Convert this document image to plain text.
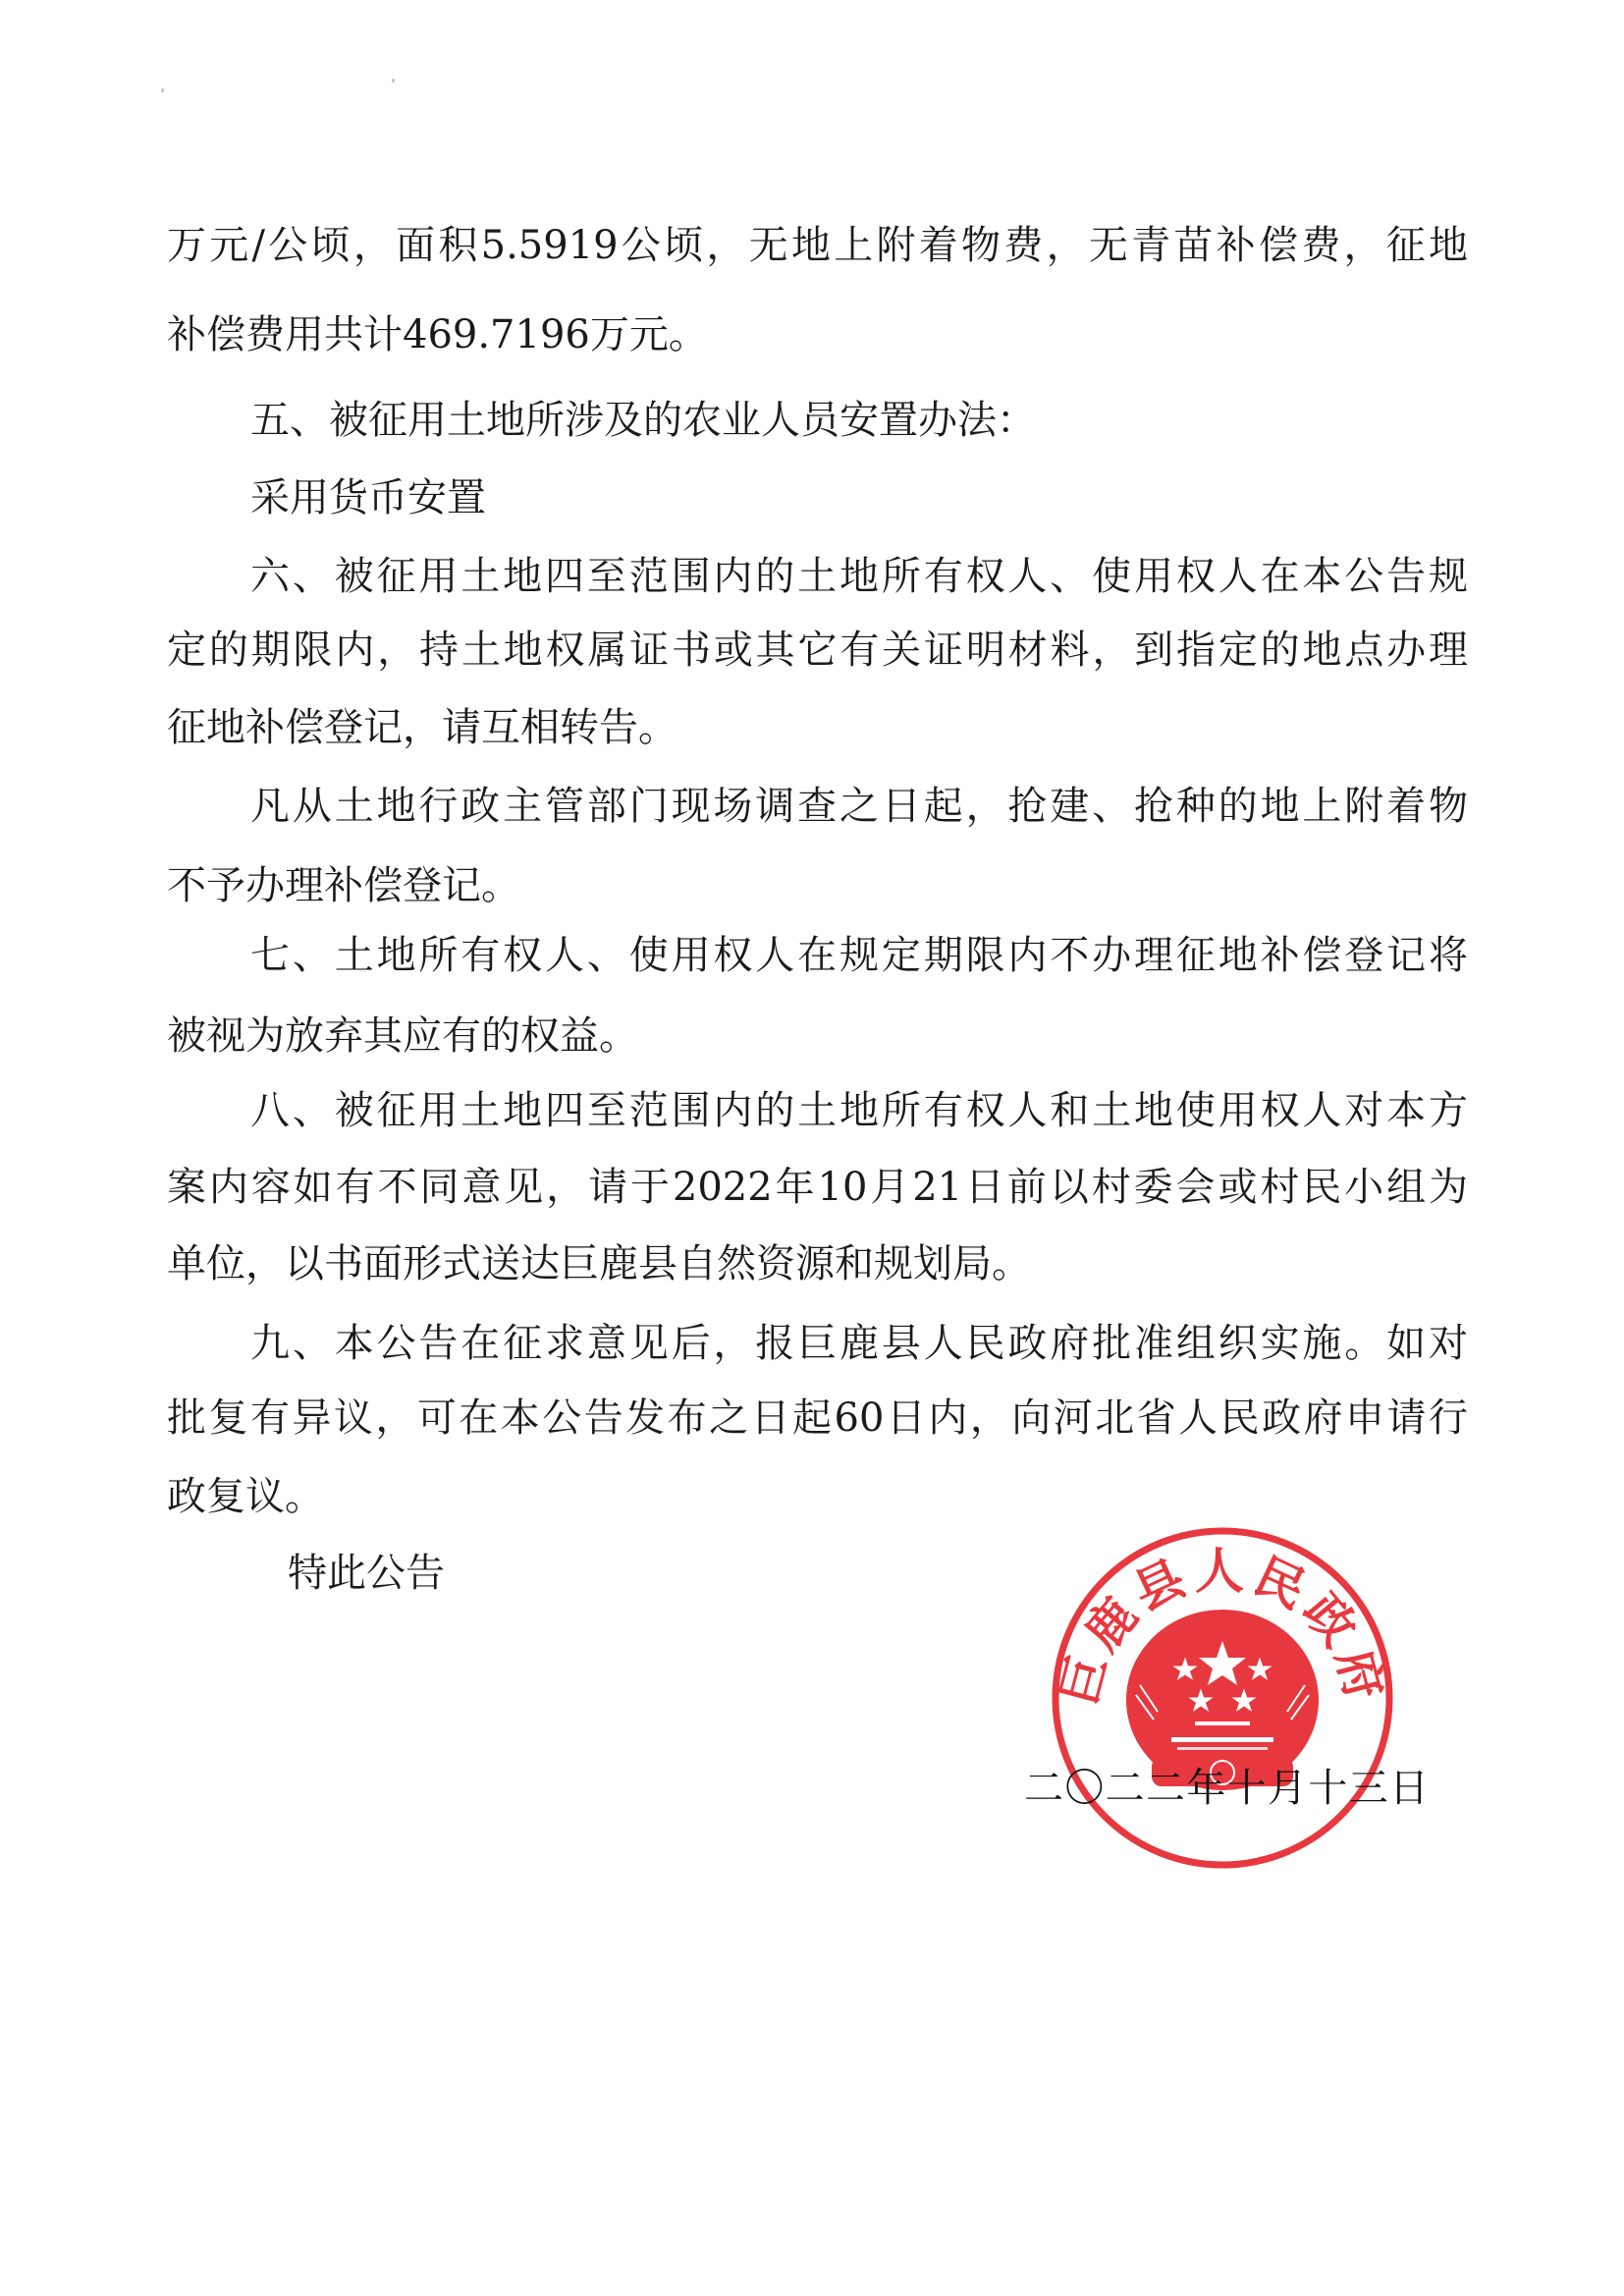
万元/公顷，面积5.5919公顷，无地上附着物费，无青苗补偿费，征地
补偿费用共计469.7196万元。
五、被征用土地所涉及的农业人员安置办法：
采用货币安置
六、被征用土地四至范围内的土地所有权人、使用权人在本公告规
定的期限内，持土地权属证书或其它有关证明材料，到指定的地点办理
征地补偿登记，请互相转告。
凡从土地行政主管部门现场调查之日起，抢建、抢种的地上附着物
不予办理补偿登记。
七、土地所有权人、使用权人在规定期限内不办理征地补偿登记将
被视为放弃其应有的权益。
八、被征用土地四至范围内的土地所有权人和土地使用权人对本方
案内容如有不同意见，请于2022年10月21日前以村委会或村民小组为
单位，以书面形式送达巨鹿县自然资源和规划局。
九、本公告在征求意见后，报巨鹿县人民政府批准组织实施。如对
批复有异议，可在本公告发布之日起60日内，向河北省人民政府申请行
政复议。
特此公告
巨鹿县人民政府
二〇二二年十月十三日
